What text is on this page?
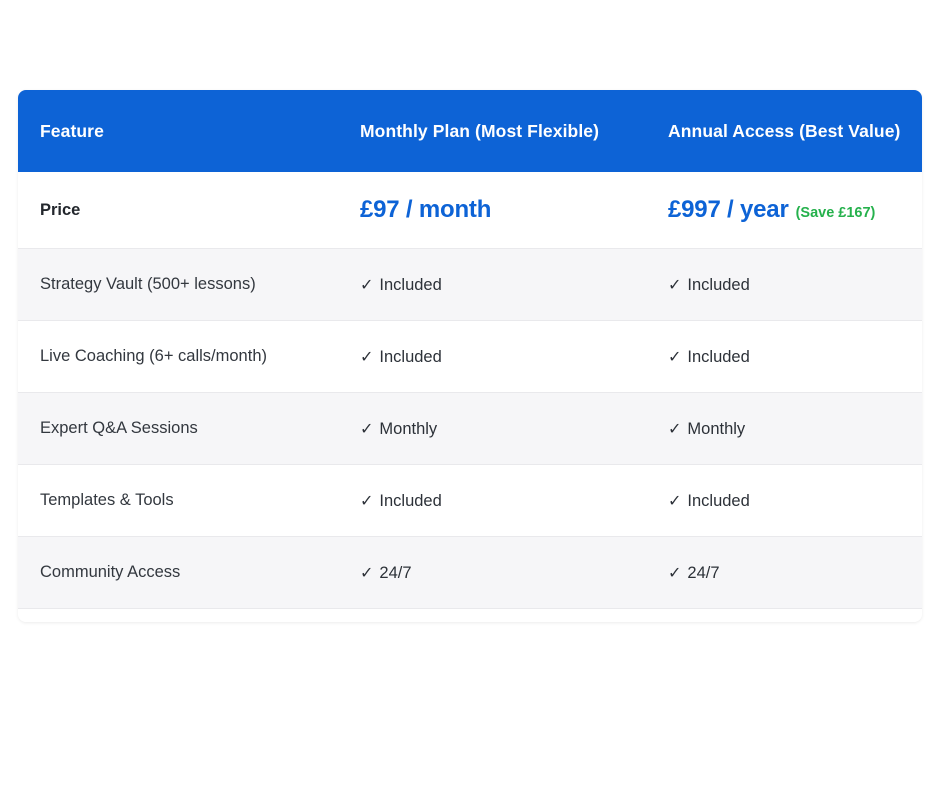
Feature	Monthly Plan (Most Flexible)	Annual Access (Best Value)
Price	£97 / month	£997 / year (Save £167)
Strategy Vault (500+ lessons)	✓ Included	✓ Included
Live Coaching (6+ calls/month)	✓ Included	✓ Included
Expert Q&A Sessions	✓ Monthly	✓ Monthly
Templates & Tools	✓ Included	✓ Included
Community Access	✓ 24/7	✓ 24/7
